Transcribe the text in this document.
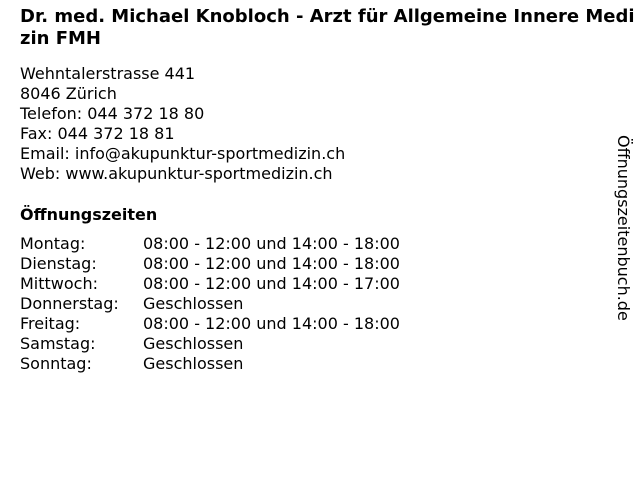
Dr. med. Michael Knobloch - Arzt für Allgemeine Innere Medizin FMH
Wehntalerstrasse 441
8046 Zürich
Telefon: 044 372 18 80
Fax: 044 372 18 81
Email: info@akupunktur-sportmedizin.ch
Web: www.akupunktur-sportmedizin.ch
Öffnungszeiten
Montag:	08:00 - 12:00 und 14:00 - 18:00
Dienstag:	08:00 - 12:00 und 14:00 - 18:00
Mittwoch:	08:00 - 12:00 und 14:00 - 17:00
Donnerstag:	Geschlossen
Freitag:	08:00 - 12:00 und 14:00 - 18:00
Samstag:	Geschlossen
Sonntag:	Geschlossen
Öffnungszeitenbuch.de
